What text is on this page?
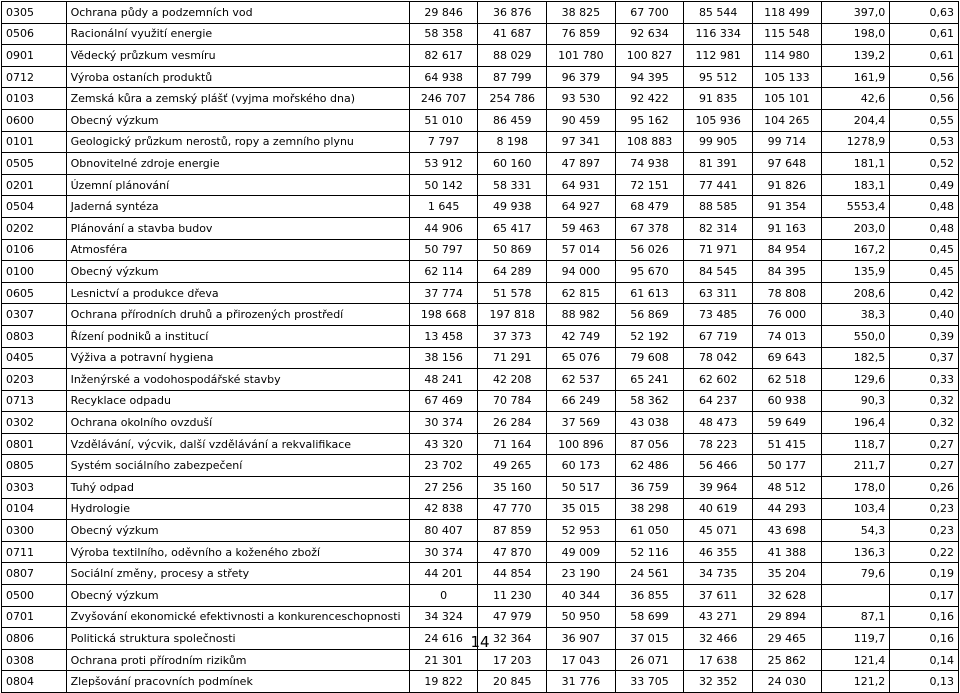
0305	Ochrana půdy a podzemních vod	29 846	36 876	38 825	67 700	85 544	118 499	397,0	0,63
0506	Racionální využití energie	58 358	41 687	76 859	92 634	116 334	115 548	198,0	0,61
0901	Vědecký průzkum vesmíru	82 617	88 029	101 780	100 827	112 981	114 980	139,2	0,61
0712	Výroba ostaních produktů	64 938	87 799	96 379	94 395	95 512	105 133	161,9	0,56
0103	Zemská kůra a zemský plášť (vyjma mořského dna)	246 707	254 786	93 530	92 422	91 835	105 101	42,6	0,56
0600	Obecný výzkum	51 010	86 459	90 459	95 162	105 936	104 265	204,4	0,55
0101	Geologický průzkum nerostů, ropy a zemního plynu	7 797	8 198	97 341	108 883	99 905	99 714	1278,9	0,53
0505	Obnovitelné zdroje energie	53 912	60 160	47 897	74 938	81 391	97 648	181,1	0,52
0201	Územní plánování	50 142	58 331	64 931	72 151	77 441	91 826	183,1	0,49
0504	Jaderná syntéza	1 645	49 938	64 927	68 479	88 585	91 354	5553,4	0,48
0202	Plánování a stavba budov	44 906	65 417	59 463	67 378	82 314	91 163	203,0	0,48
0106	Atmosféra	50 797	50 869	57 014	56 026	71 971	84 954	167,2	0,45
0100	Obecný výzkum	62 114	64 289	94 000	95 670	84 545	84 395	135,9	0,45
0605	Lesnictví a produkce dřeva	37 774	51 578	62 815	61 613	63 311	78 808	208,6	0,42
0307	Ochrana přírodních druhů a přirozených prostředí	198 668	197 818	88 982	56 869	73 485	76 000	38,3	0,40
0803	Řízení podniků a institucí	13 458	37 373	42 749	52 192	67 719	74 013	550,0	0,39
0405	Výživa a potravní hygiena	38 156	71 291	65 076	79 608	78 042	69 643	182,5	0,37
0203	Inženýrské a vodohospodářské stavby	48 241	42 208	62 537	65 241	62 602	62 518	129,6	0,33
0713	Recyklace odpadu	67 469	70 784	66 249	58 362	64 237	60 938	90,3	0,32
0302	Ochrana okolního ovzduší	30 374	26 284	37 569	43 038	48 473	59 649	196,4	0,32
0801	Vzdělávání, výcvik, další vzdělávání a rekvalifikace	43 320	71 164	100 896	87 056	78 223	51 415	118,7	0,27
0805	Systém sociálního zabezpečení	23 702	49 265	60 173	62 486	56 466	50 177	211,7	0,27
0303	Tuhý odpad	27 256	35 160	50 517	36 759	39 964	48 512	178,0	0,26
0104	Hydrologie	42 838	47 770	35 015	38 298	40 619	44 293	103,4	0,23
0300	Obecný výzkum	80 407	87 859	52 953	61 050	45 071	43 698	54,3	0,23
0711	Výroba textilního, oděvního a koženého zboží	30 374	47 870	49 009	52 116	46 355	41 388	136,3	0,22
0807	Sociální změny, procesy a střety	44 201	44 854	23 190	24 561	34 735	35 204	79,6	0,19
0500	Obecný výzkum	0	11 230	40 344	36 855	37 611	32 628		0,17
0701	Zvyšování ekonomické efektivnosti a konkurenceschopnosti	34 324	47 979	50 950	58 699	43 271	29 894	87,1	0,16
0806	Politická struktura společnosti	24 616	32 364	36 907	37 015	32 466	29 465	119,7	0,16
0308	Ochrana proti přírodním rizikům	21 301	17 203	17 043	26 071	17 638	25 862	121,4	0,14
0804	Zlepšování pracovních podmínek	19 822	20 845	31 776	33 705	32 352	24 030	121,2	0,13
14
